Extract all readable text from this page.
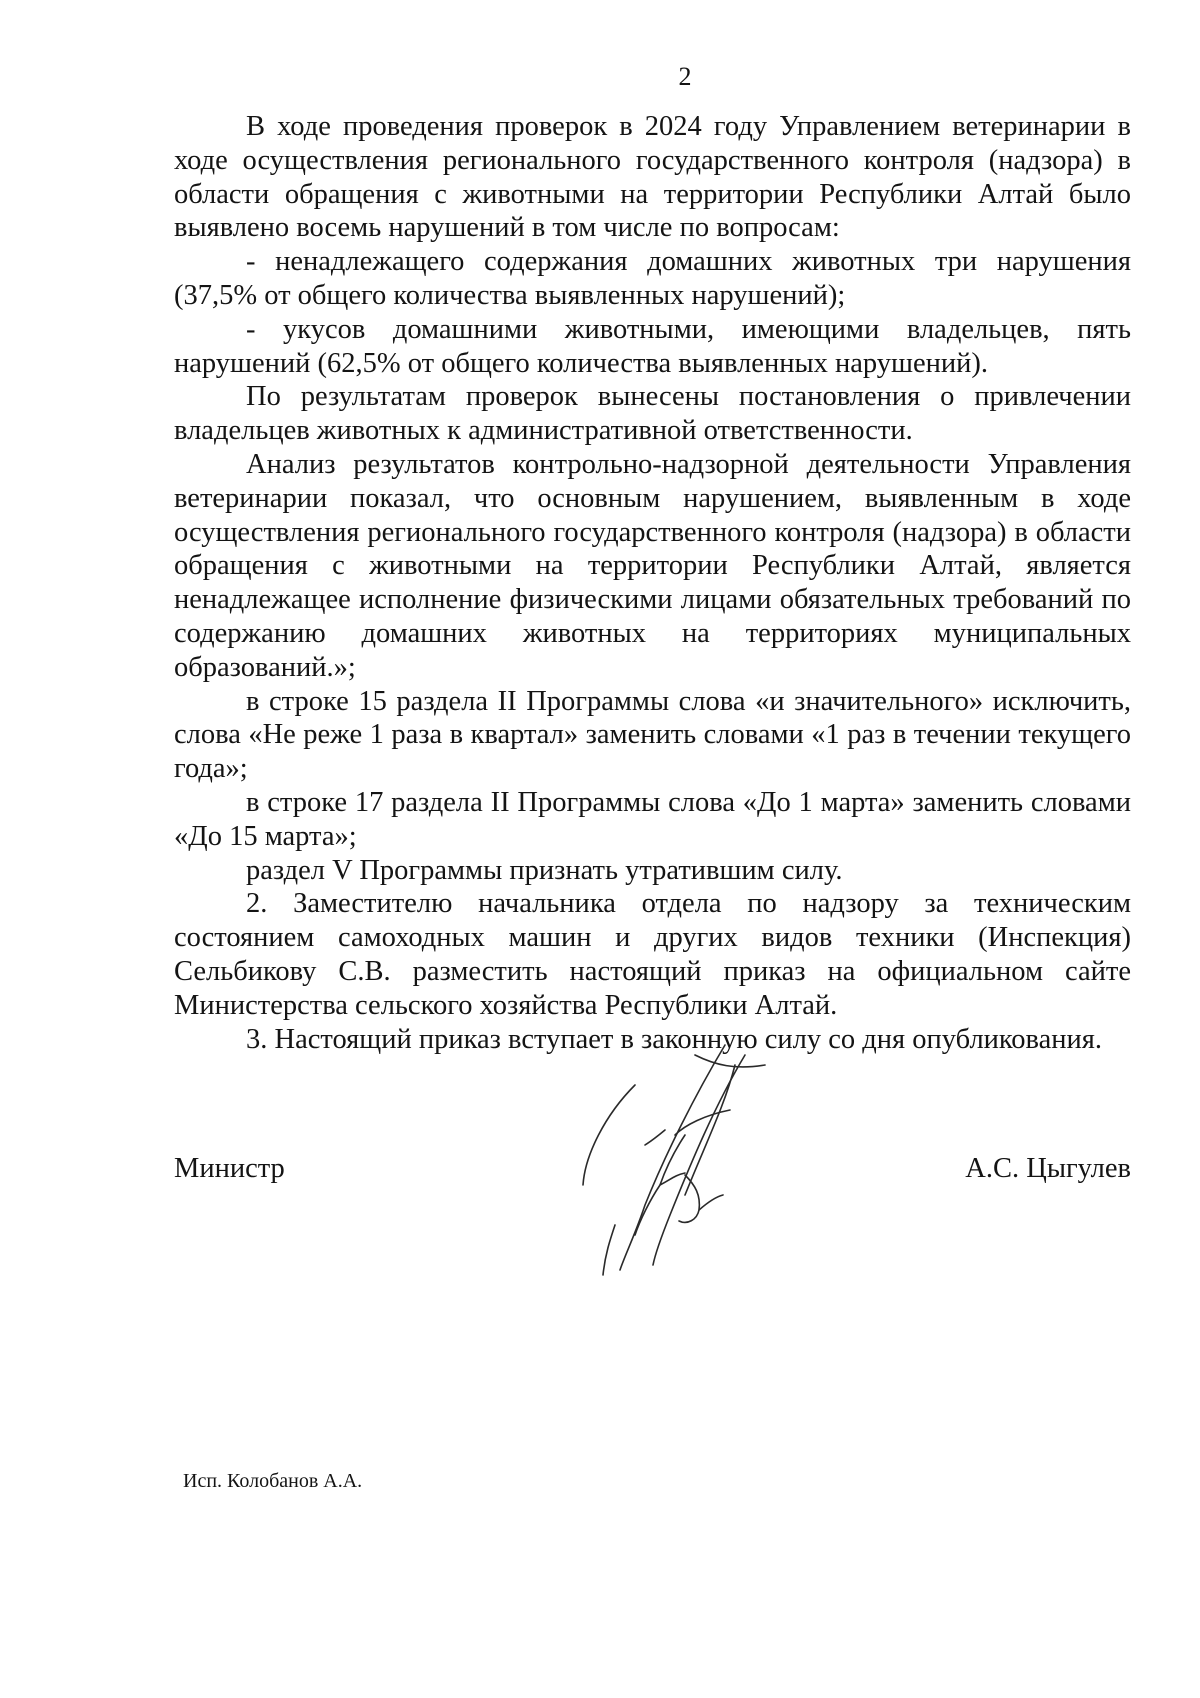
2

В ходе проведения проверок в 2024 году Управлением ветеринарии в ходе осуществления регионального государственного контроля (надзора) в области обращения с животными на территории Республики Алтай было выявлено восемь нарушений в том числе по вопросам:

- ненадлежащего содержания домашних животных три нарушения (37,5% от общего количества выявленных нарушений);

- укусов домашними животными, имеющими владельцев, пять нарушений (62,5% от общего количества выявленных нарушений).

По результатам проверок вынесены постановления о привлечении владельцев животных к административной ответственности.

Анализ результатов контрольно-надзорной деятельности Управления ветеринарии показал, что основным нарушением, выявленным в ходе осуществления регионального государственного контроля (надзора) в области обращения с животными на территории Республики Алтай, является ненадлежащее исполнение физическими лицами обязательных требований по содержанию домашних животных на территориях муниципальных образований.»;

в строке 15 раздела II Программы слова «и значительного» исключить, слова «Не реже 1 раза в квартал» заменить словами «1 раз в течении текущего года»;

в строке 17 раздела II Программы слова «До 1 марта» заменить словами «До 15 марта»;

раздел V Программы признать утратившим силу.

2. Заместителю начальника отдела по надзору за техническим состоянием самоходных машин и других видов техники (Инспекция) Сельбикову С.В. разместить настоящий приказ на официальном сайте Министерства сельского хозяйства Республики Алтай.

3. Настоящий приказ вступает в законную силу со дня опубликования.

Министр	А.С. Цыгулев
Исп. Колобанов А.А.
